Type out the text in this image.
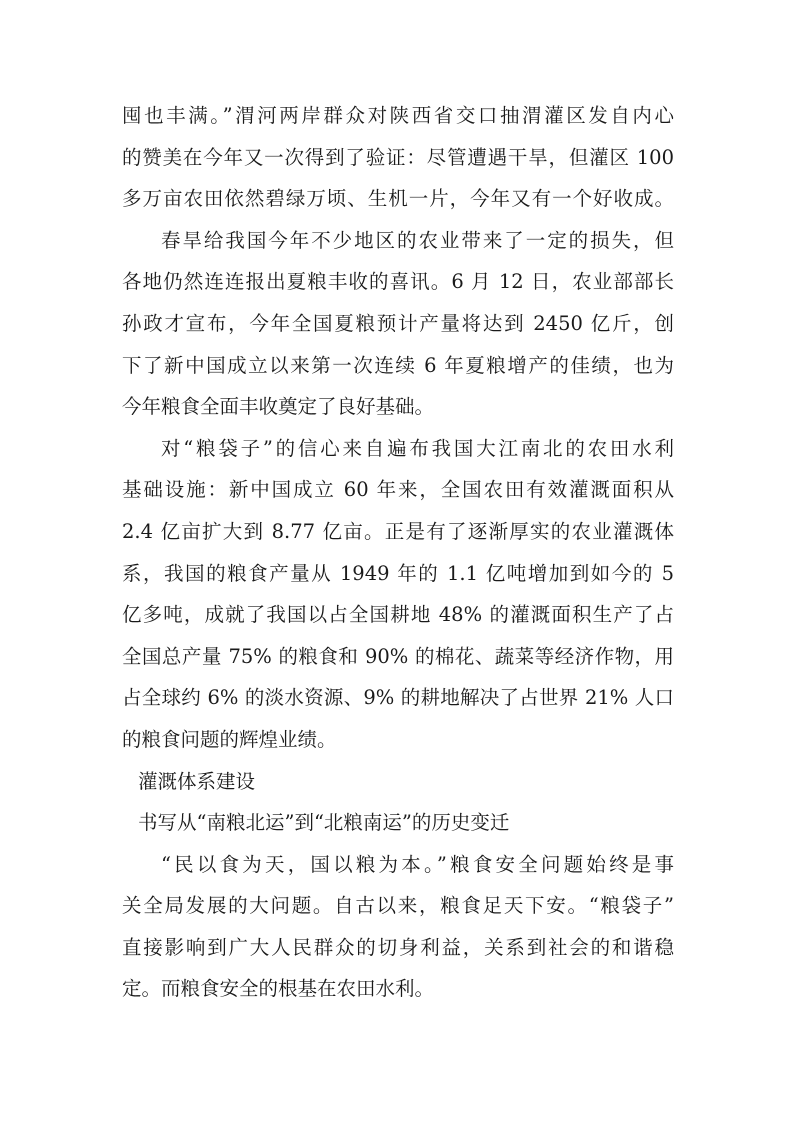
囤也丰满。”渭河两岸群众对陕西省交口抽渭灌区发自内心
的赞美在今年又一次得到了验证：尽管遭遇干旱，但灌区 100
多万亩农田依然碧绿万顷、生机一片，今年又有一个好收成。
春旱给我国今年不少地区的农业带来了一定的损失，但
各地仍然连连报出夏粮丰收的喜讯。6 月 12 日，农业部部长
孙政才宣布，今年全国夏粮预计产量将达到 2450 亿斤，创
下了新中国成立以来第一次连续 6 年夏粮增产的佳绩，也为
今年粮食全面丰收奠定了良好基础。
对“粮袋子”的信心来自遍布我国大江南北的农田水利
基础设施：新中国成立 60 年来，全国农田有效灌溉面积从
2.4 亿亩扩大到 8.77 亿亩。正是有了逐渐厚实的农业灌溉体
系，我国的粮食产量从 1949 年的 1.1 亿吨增加到如今的 5
亿多吨，成就了我国以占全国耕地 48% 的灌溉面积生产了占
全国总产量 75% 的粮食和 90% 的棉花、蔬菜等经济作物，用
占全球约 6% 的淡水资源、9% 的耕地解决了占世界 21% 人口
的粮食问题的辉煌业绩。
灌溉体系建设
书写从“南粮北运”到“北粮南运”的历史变迁
“民以食为天，国以粮为本。”粮食安全问题始终是事
关全局发展的大问题。自古以来，粮食足天下安。“粮袋子”
直接影响到广大人民群众的切身利益，关系到社会的和谐稳
定。而粮食安全的根基在农田水利。
